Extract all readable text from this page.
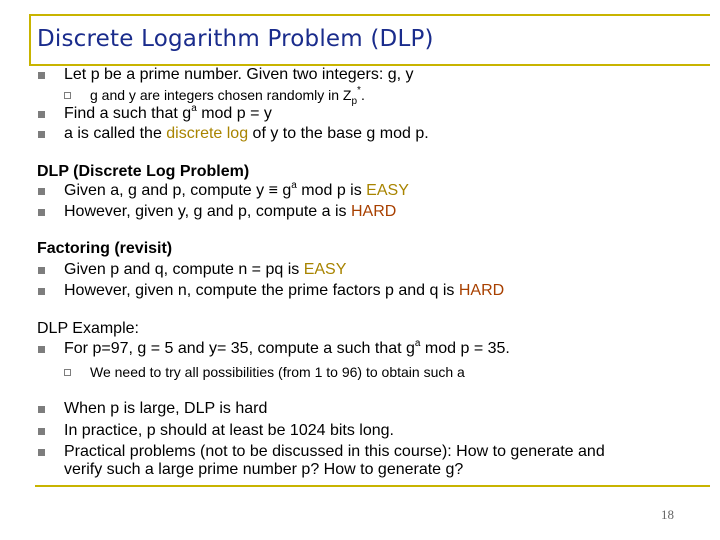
Discrete Logarithm Problem (DLP)
Let p be a prime number. Given two integers: g, y
g and y are integers chosen randomly in $Z_p^*$.
Find a such that $g^a$ mod p = y
a is called the discrete log of y to the base g mod p.
DLP (Discrete Log Problem)
Given a, g and p, compute $y \equiv g^a$ mod p is EASY
However, given y, g and p, compute a is HARD
Factoring (revisit)
Given p and q, compute n = pq is EASY
However, given n, compute the prime factors p and q is HARD
DLP Example:
For p=97, g = 5 and y= 35, compute a such that $g^a$ mod p = 35.
We need to try all possibilities (from 1 to 96) to obtain such a
When p is large, DLP is hard
In practice, p should at least be 1024 bits long.
Practical problems (not to be discussed in this course): How to generate and
verify such a large prime number p? How to generate g?
18
